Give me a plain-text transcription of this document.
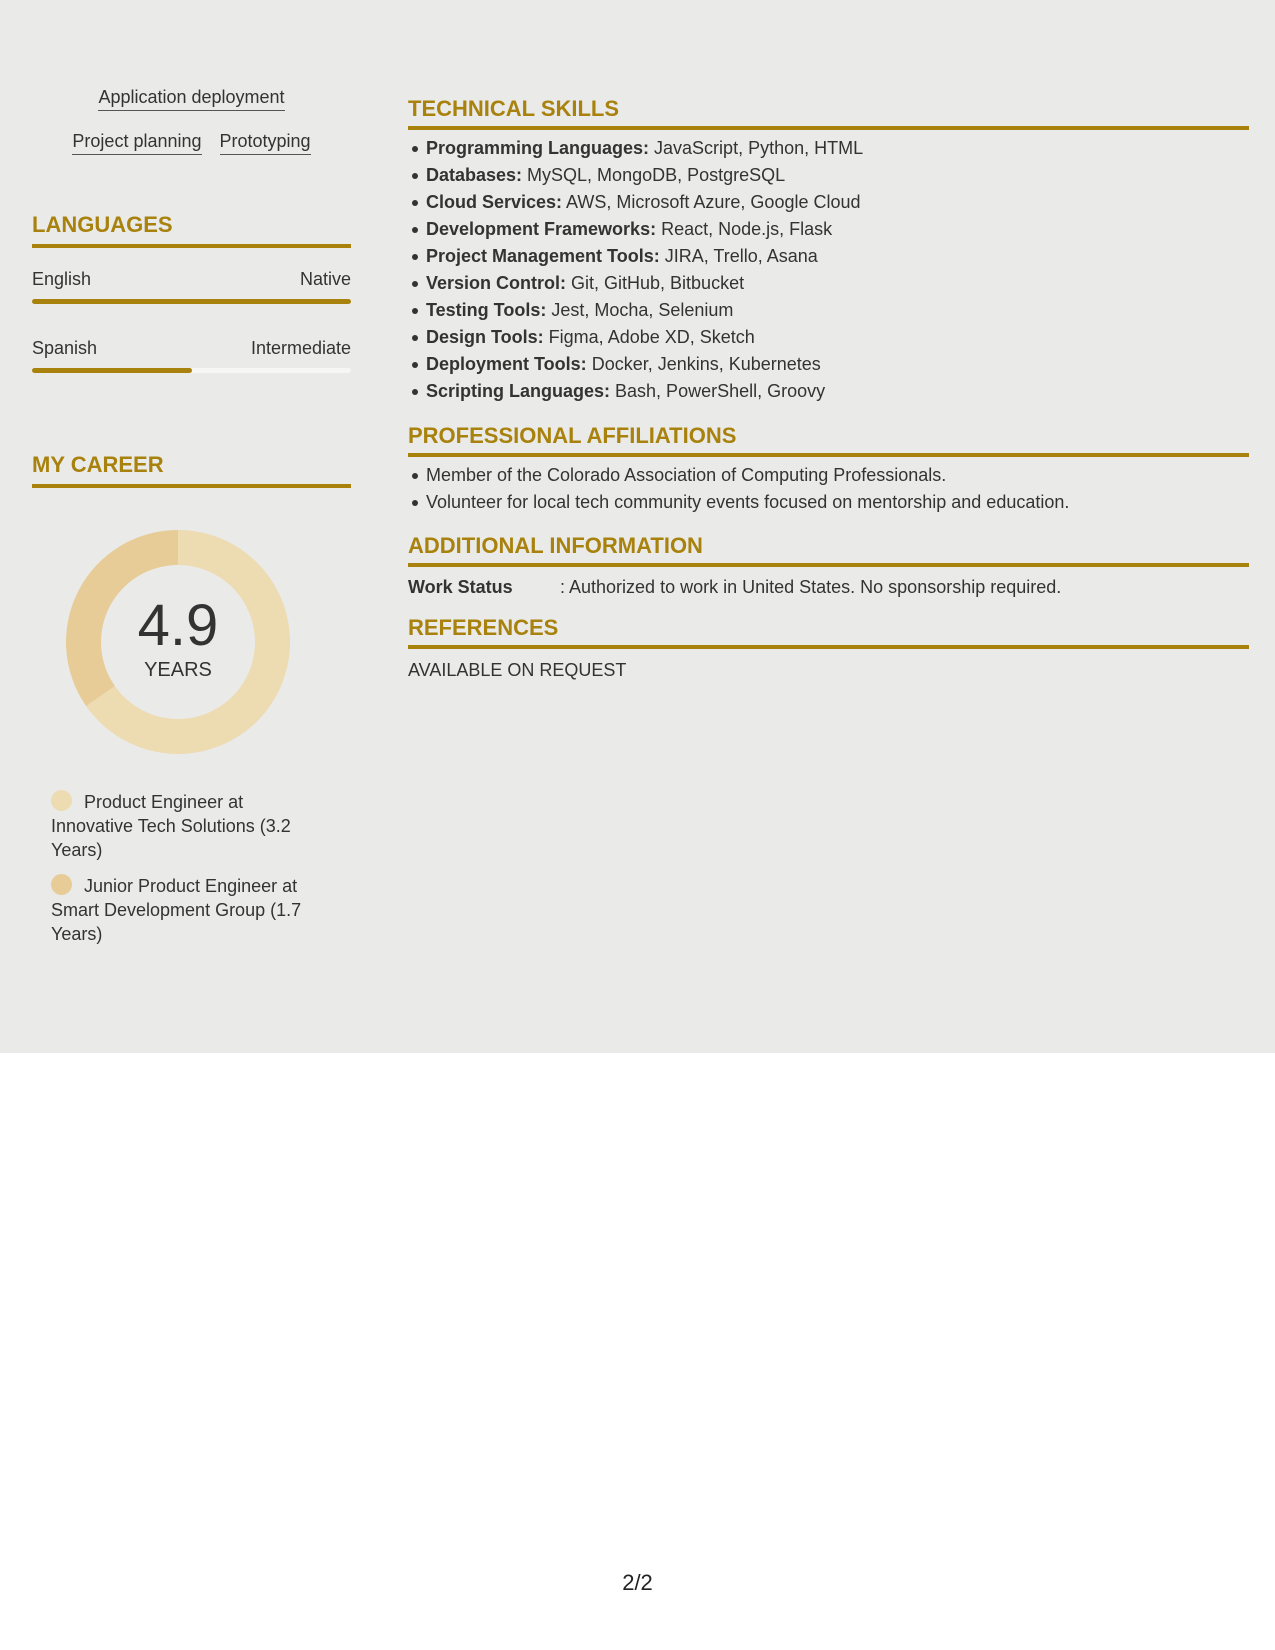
Application deployment
Project planning Prototyping
LANGUAGES
English	Native
Spanish	Intermediate
MY CAREER
4.9
YEARS
Product Engineer at Innovative Tech Solutions (3.2 Years)
Junior Product Engineer at Smart Development Group (1.7 Years)
TECHNICAL SKILLS
Programming Languages: JavaScript, Python, HTML
Databases: MySQL, MongoDB, PostgreSQL
Cloud Services: AWS, Microsoft Azure, Google Cloud
Development Frameworks: React, Node.js, Flask
Project Management Tools: JIRA, Trello, Asana
Version Control: Git, GitHub, Bitbucket
Testing Tools: Jest, Mocha, Selenium
Design Tools: Figma, Adobe XD, Sketch
Deployment Tools: Docker, Jenkins, Kubernetes
Scripting Languages: Bash, PowerShell, Groovy
PROFESSIONAL AFFILIATIONS
Member of the Colorado Association of Computing Professionals.
Volunteer for local tech community events focused on mentorship and education.
ADDITIONAL INFORMATION
Work Status	: Authorized to work in United States. No sponsorship required.
REFERENCES
AVAILABLE ON REQUEST
2/2
